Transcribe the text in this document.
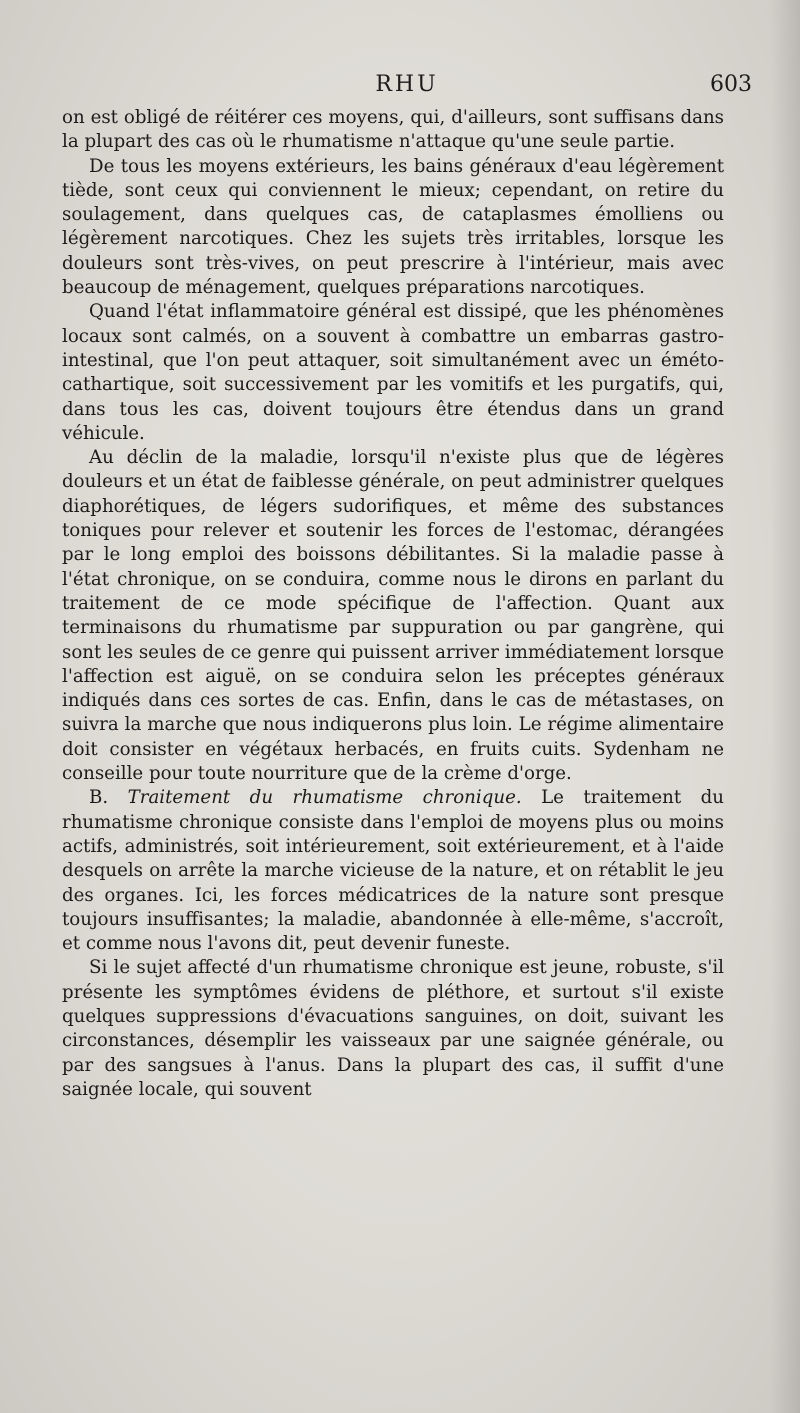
RHU	603

on est obligé de réitérer ces moyens, qui, d'ailleurs, sont suffisans dans la plupart des cas où le rhumatisme n'attaque qu'une seule partie.

De tous les moyens extérieurs, les bains généraux d'eau légèrement tiède, sont ceux qui conviennent le mieux; cependant, on retire du soulagement, dans quelques cas, de cataplasmes émolliens ou légèrement narcotiques. Chez les sujets très irritables, lorsque les douleurs sont très-vives, on peut prescrire à l'intérieur, mais avec beaucoup de ménagement, quelques préparations narcotiques.

Quand l'état inflammatoire général est dissipé, que les phénomènes locaux sont calmés, on a souvent à combattre un embarras gastro-intestinal, que l'on peut attaquer, soit simultanément avec un éméto-cathartique, soit successivement par les vomitifs et les purgatifs, qui, dans tous les cas, doivent toujours être étendus dans un grand véhicule.

Au déclin de la maladie, lorsqu'il n'existe plus que de légères douleurs et un état de faiblesse générale, on peut administrer quelques diaphorétiques, de légers sudorifiques, et même des substances toniques pour relever et soutenir les forces de l'estomac, dérangées par le long emploi des boissons débilitantes. Si la maladie passe à l'état chronique, on se conduira, comme nous le dirons en parlant du traitement de ce mode spécifique de l'affection. Quant aux terminaisons du rhumatisme par suppuration ou par gangrène, qui sont les seules de ce genre qui puissent arriver immédiatement lorsque l'affection est aiguë, on se conduira selon les préceptes généraux indiqués dans ces sortes de cas. Enfin, dans le cas de métastases, on suivra la marche que nous indiquerons plus loin. Le régime alimentaire doit consister en végétaux herbacés, en fruits cuits. Sydenham ne conseille pour toute nourriture que de la crème d'orge.

B. Traitement du rhumatisme chronique. Le traitement du rhumatisme chronique consiste dans l'emploi de moyens plus ou moins actifs, administrés, soit intérieurement, soit extérieurement, et à l'aide desquels on arrête la marche vicieuse de la nature, et on rétablit le jeu des organes. Ici, les forces médicatrices de la nature sont presque toujours insuffisantes; la maladie, abandonnée à elle-même, s'accroît, et comme nous l'avons dit, peut devenir funeste.

Si le sujet affecté d'un rhumatisme chronique est jeune, robuste, s'il présente les symptômes évidens de pléthore, et surtout s'il existe quelques suppressions d'évacuations sanguines, on doit, suivant les circonstances, désemplir les vaisseaux par une saignée générale, ou par des sangsues à l'anus. Dans la plupart des cas, il suffit d'une saignée locale, qui souvent
